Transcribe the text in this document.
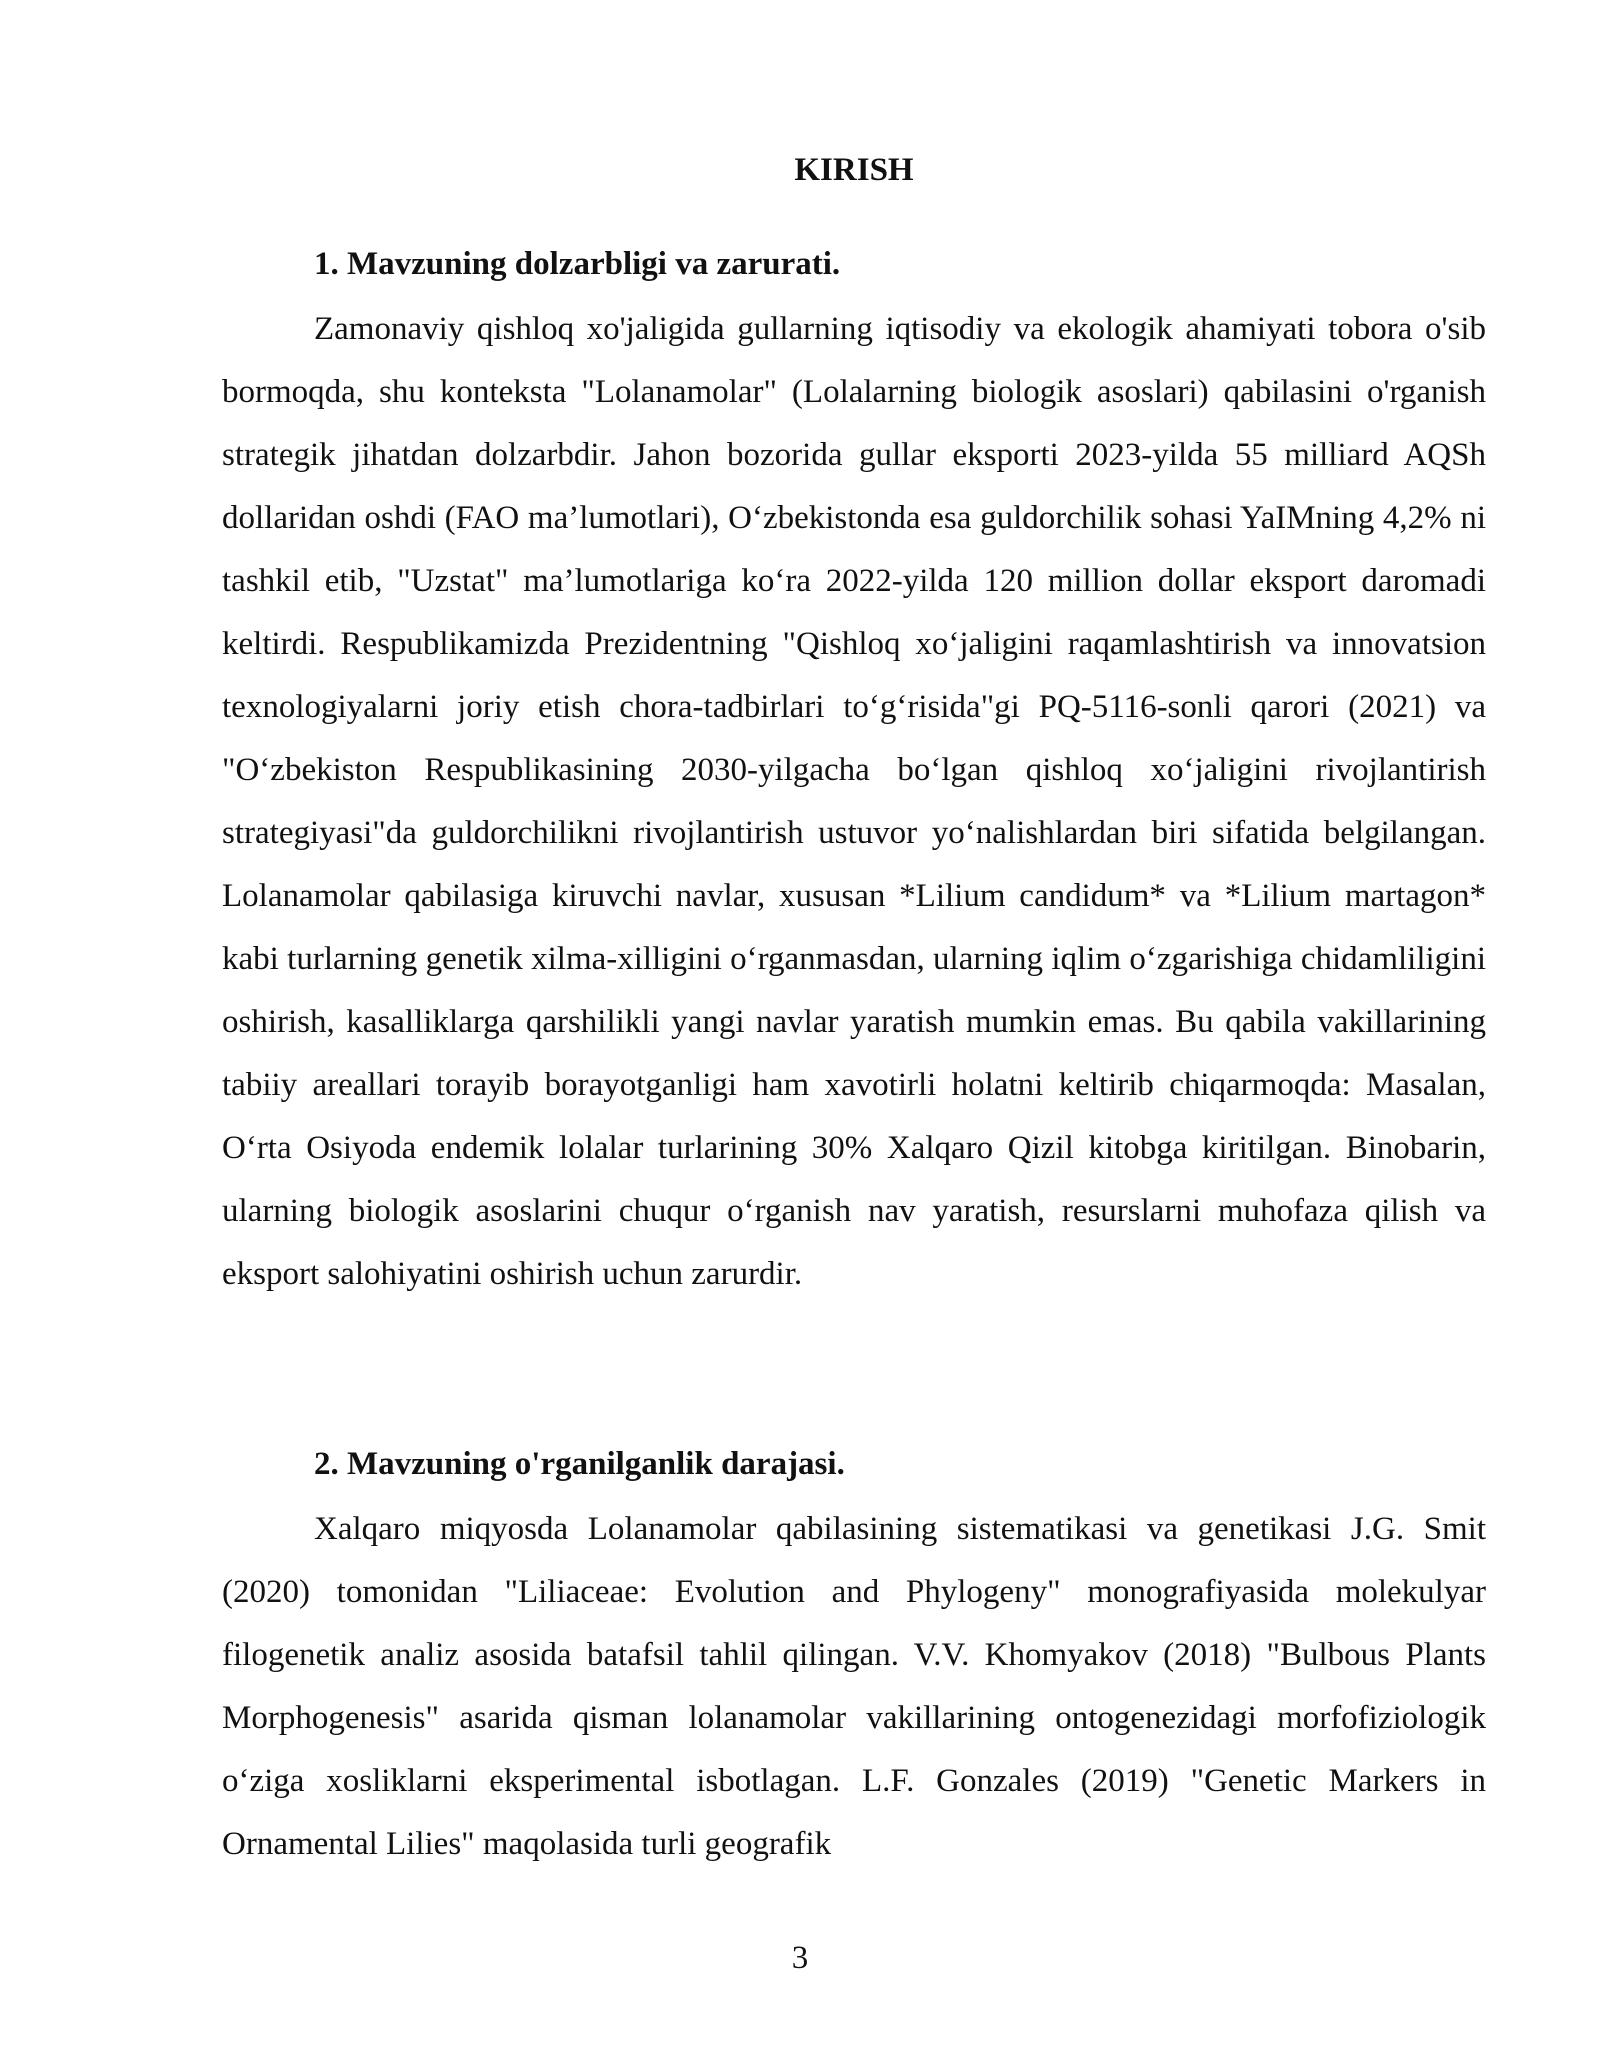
KIRISH
1. Mavzuning dolzarbligi va zarurati.

Zamonaviy qishloq xo'jaligida gullarning iqtisodiy va ekologik ahamiyati tobora o'sib bormoqda, shu konteksta "Lolanamolar" (Lolalarning biologik asoslari) qabilasini o'rganish strategik jihatdan dolzarbdir. Jahon bozorida gullar eksporti 2023-yilda 55 milliard AQSh dollaridan oshdi (FAO ma’lumotlari), O‘zbekistonda esa guldorchilik sohasi YaIMning 4,2% ni tashkil etib, "Uzstat" ma’lumotlariga ko‘ra 2022-yilda 120 million dollar eksport daromadi keltirdi. Respublikamizda Prezidentning "Qishloq xo‘jaligini raqamlashtirish va innovatsion texnologiyalarni joriy etish chora-tadbirlari to‘g‘risida"gi PQ-5116-sonli qarori (2021) va "O‘zbekiston Respublikasining 2030-yilgacha bo‘lgan qishloq xo‘jaligini rivojlantirish strategiyasi"da guldorchilikni rivojlantirish ustuvor yo‘nalishlardan biri sifatida belgilangan. Lolanamolar qabilasiga kiruvchi navlar, xususan *Lilium candidum* va *Lilium martagon* kabi turlarning genetik xilma-xilligini o‘rganmasdan, ularning iqlim o‘zgarishiga chidamliligini oshirish, kasalliklarga qarshilikli yangi navlar yaratish mumkin emas. Bu qabila vakillarining tabiiy areallari torayib borayotganligi ham xavotirli holatni keltirib chiqarmoqda: Masalan, O‘rta Osiyoda endemik lolalar turlarining 30% Xalqaro Qizil kitobga kiritilgan. Binobarin, ularning biologik asoslarini chuqur o‘rganish nav yaratish, resurslarni muhofaza qilish va eksport salohiyatini oshirish uchun zarurdir.

2. Mavzuning o'rganilganlik darajasi.

Xalqaro miqyosda Lolanamolar qabilasining sistematikasi va genetikasi J.G. Smit (2020) tomonidan "Liliaceae: Evolution and Phylogeny" monografiyasida molekulyar filogenetik analiz asosida batafsil tahlil qilingan. V.V. Khomyakov (2018) "Bulbous Plants Morphogenesis" asarida qisman lolanamolar vakillarining ontogenezidagi morfofiziologik o‘ziga xosliklarni eksperimental isbotlagan. L.F. Gonzales (2019) "Genetic Markers in Ornamental Lilies" maqolasida turli geografik

3
